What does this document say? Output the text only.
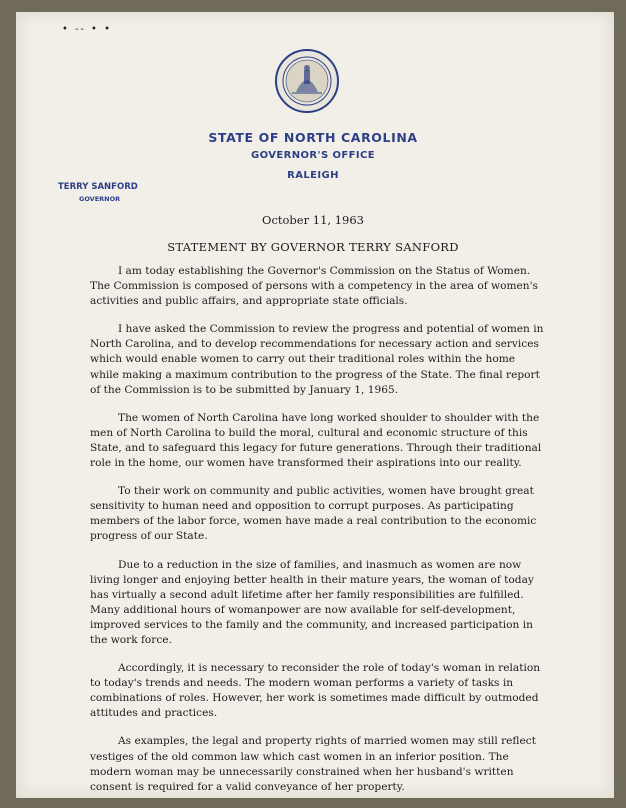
• -- • •
STATE OF NORTH CAROLINA
GOVERNOR'S OFFICE
RALEIGH
TERRY SANFORD
GOVERNOR
October 11, 1963
STATEMENT BY GOVERNOR TERRY SANFORD

I am today establishing the Governor's Commission on the Status of Women. The Commission is composed of persons with a competency in the area of women's activities and public affairs, and appropriate state officials.

I have asked the Commission to review the progress and potential of women in North Carolina, and to develop recommendations for necessary action and services which would enable women to carry out their traditional roles within the home while making a maximum contribution to the progress of the State. The final report of the Commission is to be submitted by January 1, 1965.

The women of North Carolina have long worked shoulder to shoulder with the men of North Carolina to build the moral, cultural and economic structure of this State, and to safeguard this legacy for future generations. Through their traditional role in the home, our women have transformed their aspirations into our reality.

To their work on community and public activities, women have brought great sensitivity to human need and opposition to corrupt purposes. As participating members of the labor force, women have made a real contribution to the economic progress of our State.

Due to a reduction in the size of families, and inasmuch as women are now living longer and enjoying better health in their mature years, the woman of today has virtually a second adult lifetime after her family responsibilities are fulfilled. Many additional hours of womanpower are now available for self-development, improved services to the family and the community, and increased participation in the work force.

Accordingly, it is necessary to reconsider the role of today's woman in relation to today's trends and needs. The modern woman performs a variety of tasks in combinations of roles. However, her work is sometimes made difficult by outmoded attitudes and practices.

As examples, the legal and property rights of married women may still reflect vestiges of the old common law which cast women in an inferior position. The modern woman may be unnecessarily constrained when her husband's written consent is required for a valid conveyance of her property.
